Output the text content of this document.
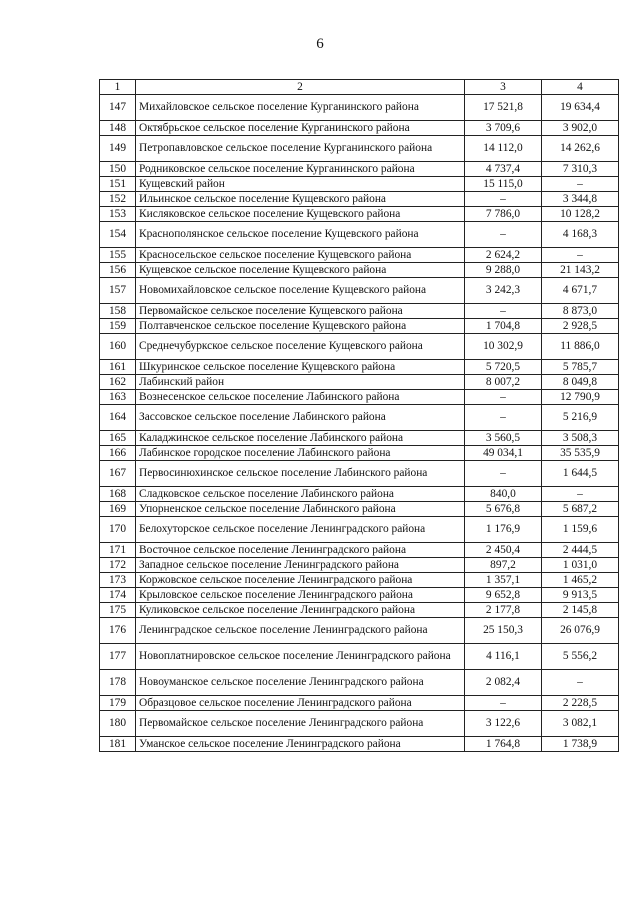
6
1	2	3	4
147	Михайловское сельское поселение Курганинского района	17 521,8	19 634,4
148	Октябрьское сельское поселение Курганинского района	3 709,6	3 902,0
149	Петропавловское сельское поселение Курганинского района	14 112,0	14 262,6
150	Родниковское сельское поселение Курганинского района	4 737,4	7 310,3
151	Кущевский район	15 115,0	–
152	Ильинское сельское поселение Кущевского района	–	3 344,8
153	Кисляковское сельское поселение Кущевского района	7 786,0	10 128,2
154	Краснополянское сельское поселение Кущевского района	–	4 168,3
155	Красносельское сельское поселение Кущевского района	2 624,2	–
156	Кущевское сельское поселение Кущевского района	9 288,0	21 143,2
157	Новомихайловское сельское поселение Кущевского района	3 242,3	4 671,7
158	Первомайское сельское поселение Кущевского района	–	8 873,0
159	Полтавченское сельское поселение Кущевского района	1 704,8	2 928,5
160	Среднечубуркское сельское поселение Кущевского района	10 302,9	11 886,0
161	Шкуринское сельское поселение Кущевского района	5 720,5	5 785,7
162	Лабинский район	8 007,2	8 049,8
163	Вознесенское сельское поселение Лабинского района	–	12 790,9
164	Зассовское сельское поселение Лабинского района	–	5 216,9
165	Каладжинское сельское поселение Лабинского района	3 560,5	3 508,3
166	Лабинское городское поселение Лабинского района	49 034,1	35 535,9
167	Первосинюхинское сельское поселение Лабинского района	–	1 644,5
168	Сладковское сельское поселение Лабинского района	840,0	–
169	Упорненское сельское поселение Лабинского района	5 676,8	5 687,2
170	Белохуторское сельское поселение Ленинградского района	1 176,9	1 159,6
171	Восточное сельское поселение Ленинградского района	2 450,4	2 444,5
172	Западное сельское поселение Ленинградского района	897,2	1 031,0
173	Коржовское сельское поселение Ленинградского района	1 357,1	1 465,2
174	Крыловское сельское поселение Ленинградского района	9 652,8	9 913,5
175	Куликовское сельское поселение Ленинградского района	2 177,8	2 145,8
176	Ленинградское сельское поселение Ленинградского района	25 150,3	26 076,9
177	Новоплатнировское сельское поселение Ленинградского района	4 116,1	5 556,2
178	Новоуманское сельское поселение Ленинградского района	2 082,4	–
179	Образцовое сельское поселение Ленинградского района	–	2 228,5
180	Первомайское сельское поселение Ленинградского района	3 122,6	3 082,1
181	Уманское сельское поселение Ленинградского района	1 764,8	1 738,9
